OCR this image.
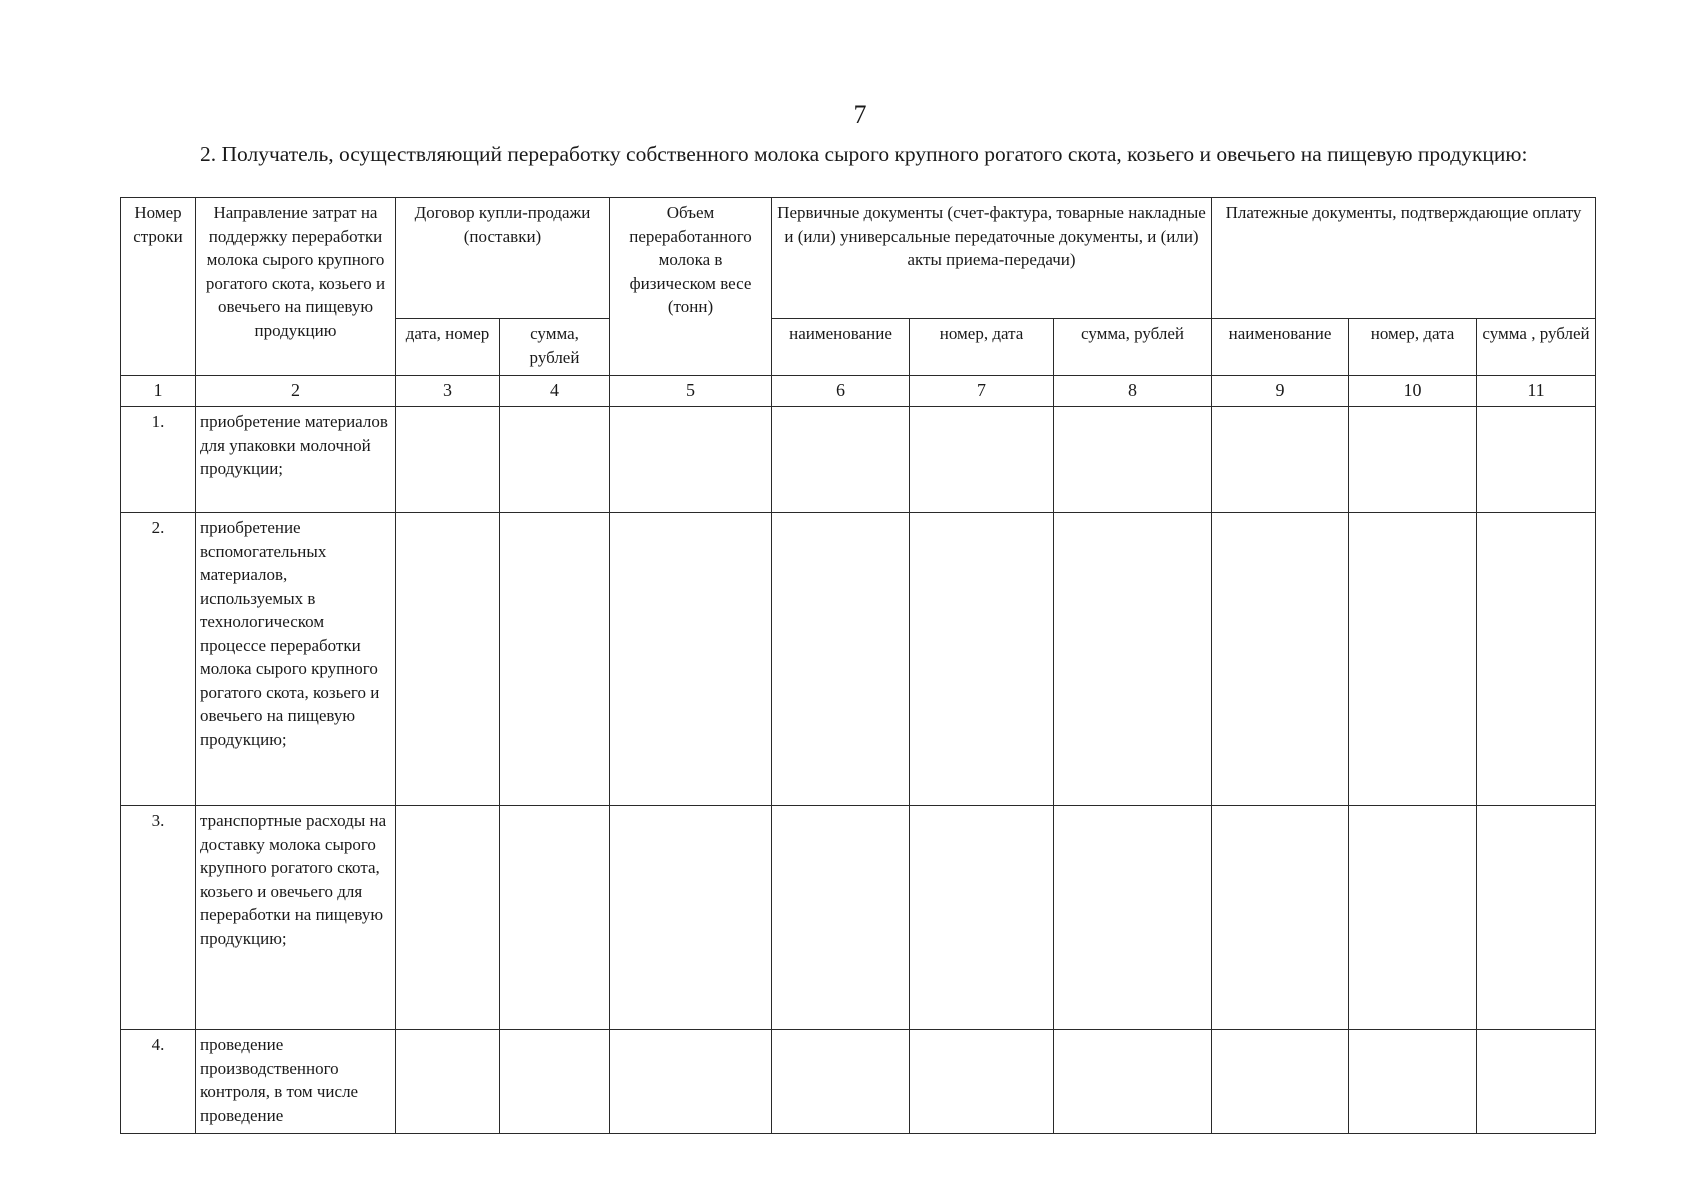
7
2. Получатель, осуществляющий переработку собственного молока сырого крупного рогатого скота, козьего и овечьего на пищевую продукцию:
Номер строки	Направление затрат на поддержку переработки молока сырого крупного рогатого скота, козьего и овечьего на пищевую продукцию	Договор купли-продажи (поставки)		Объем переработанного молока в физическом весе (тонн)	Первичные документы (счет-фактура, товарные накладные и (или) универсальные передаточные документы, и (или) акты приема-передачи)			Платежные документы, подтверждающие оплату		
		дата, номер	сумма, рублей		наименование	номер, дата	сумма, рублей	наименование	номер, дата	сумма , рублей
1	2	3	4	5	6	7	8	9	10	11
1.	приобретение материалов для упаковки молочной продукции;									
2.	приобретение вспомогательных материалов, используемых в технологическом процессе переработки молока сырого крупного рогатого скота, козьего и овечьего на пищевую продукцию;									
3.	транспортные расходы на доставку молока сырого крупного рогатого скота, козьего и овечьего для переработки на пищевую продукцию;									
4.	проведение производственного контроля, в том числе проведение									
